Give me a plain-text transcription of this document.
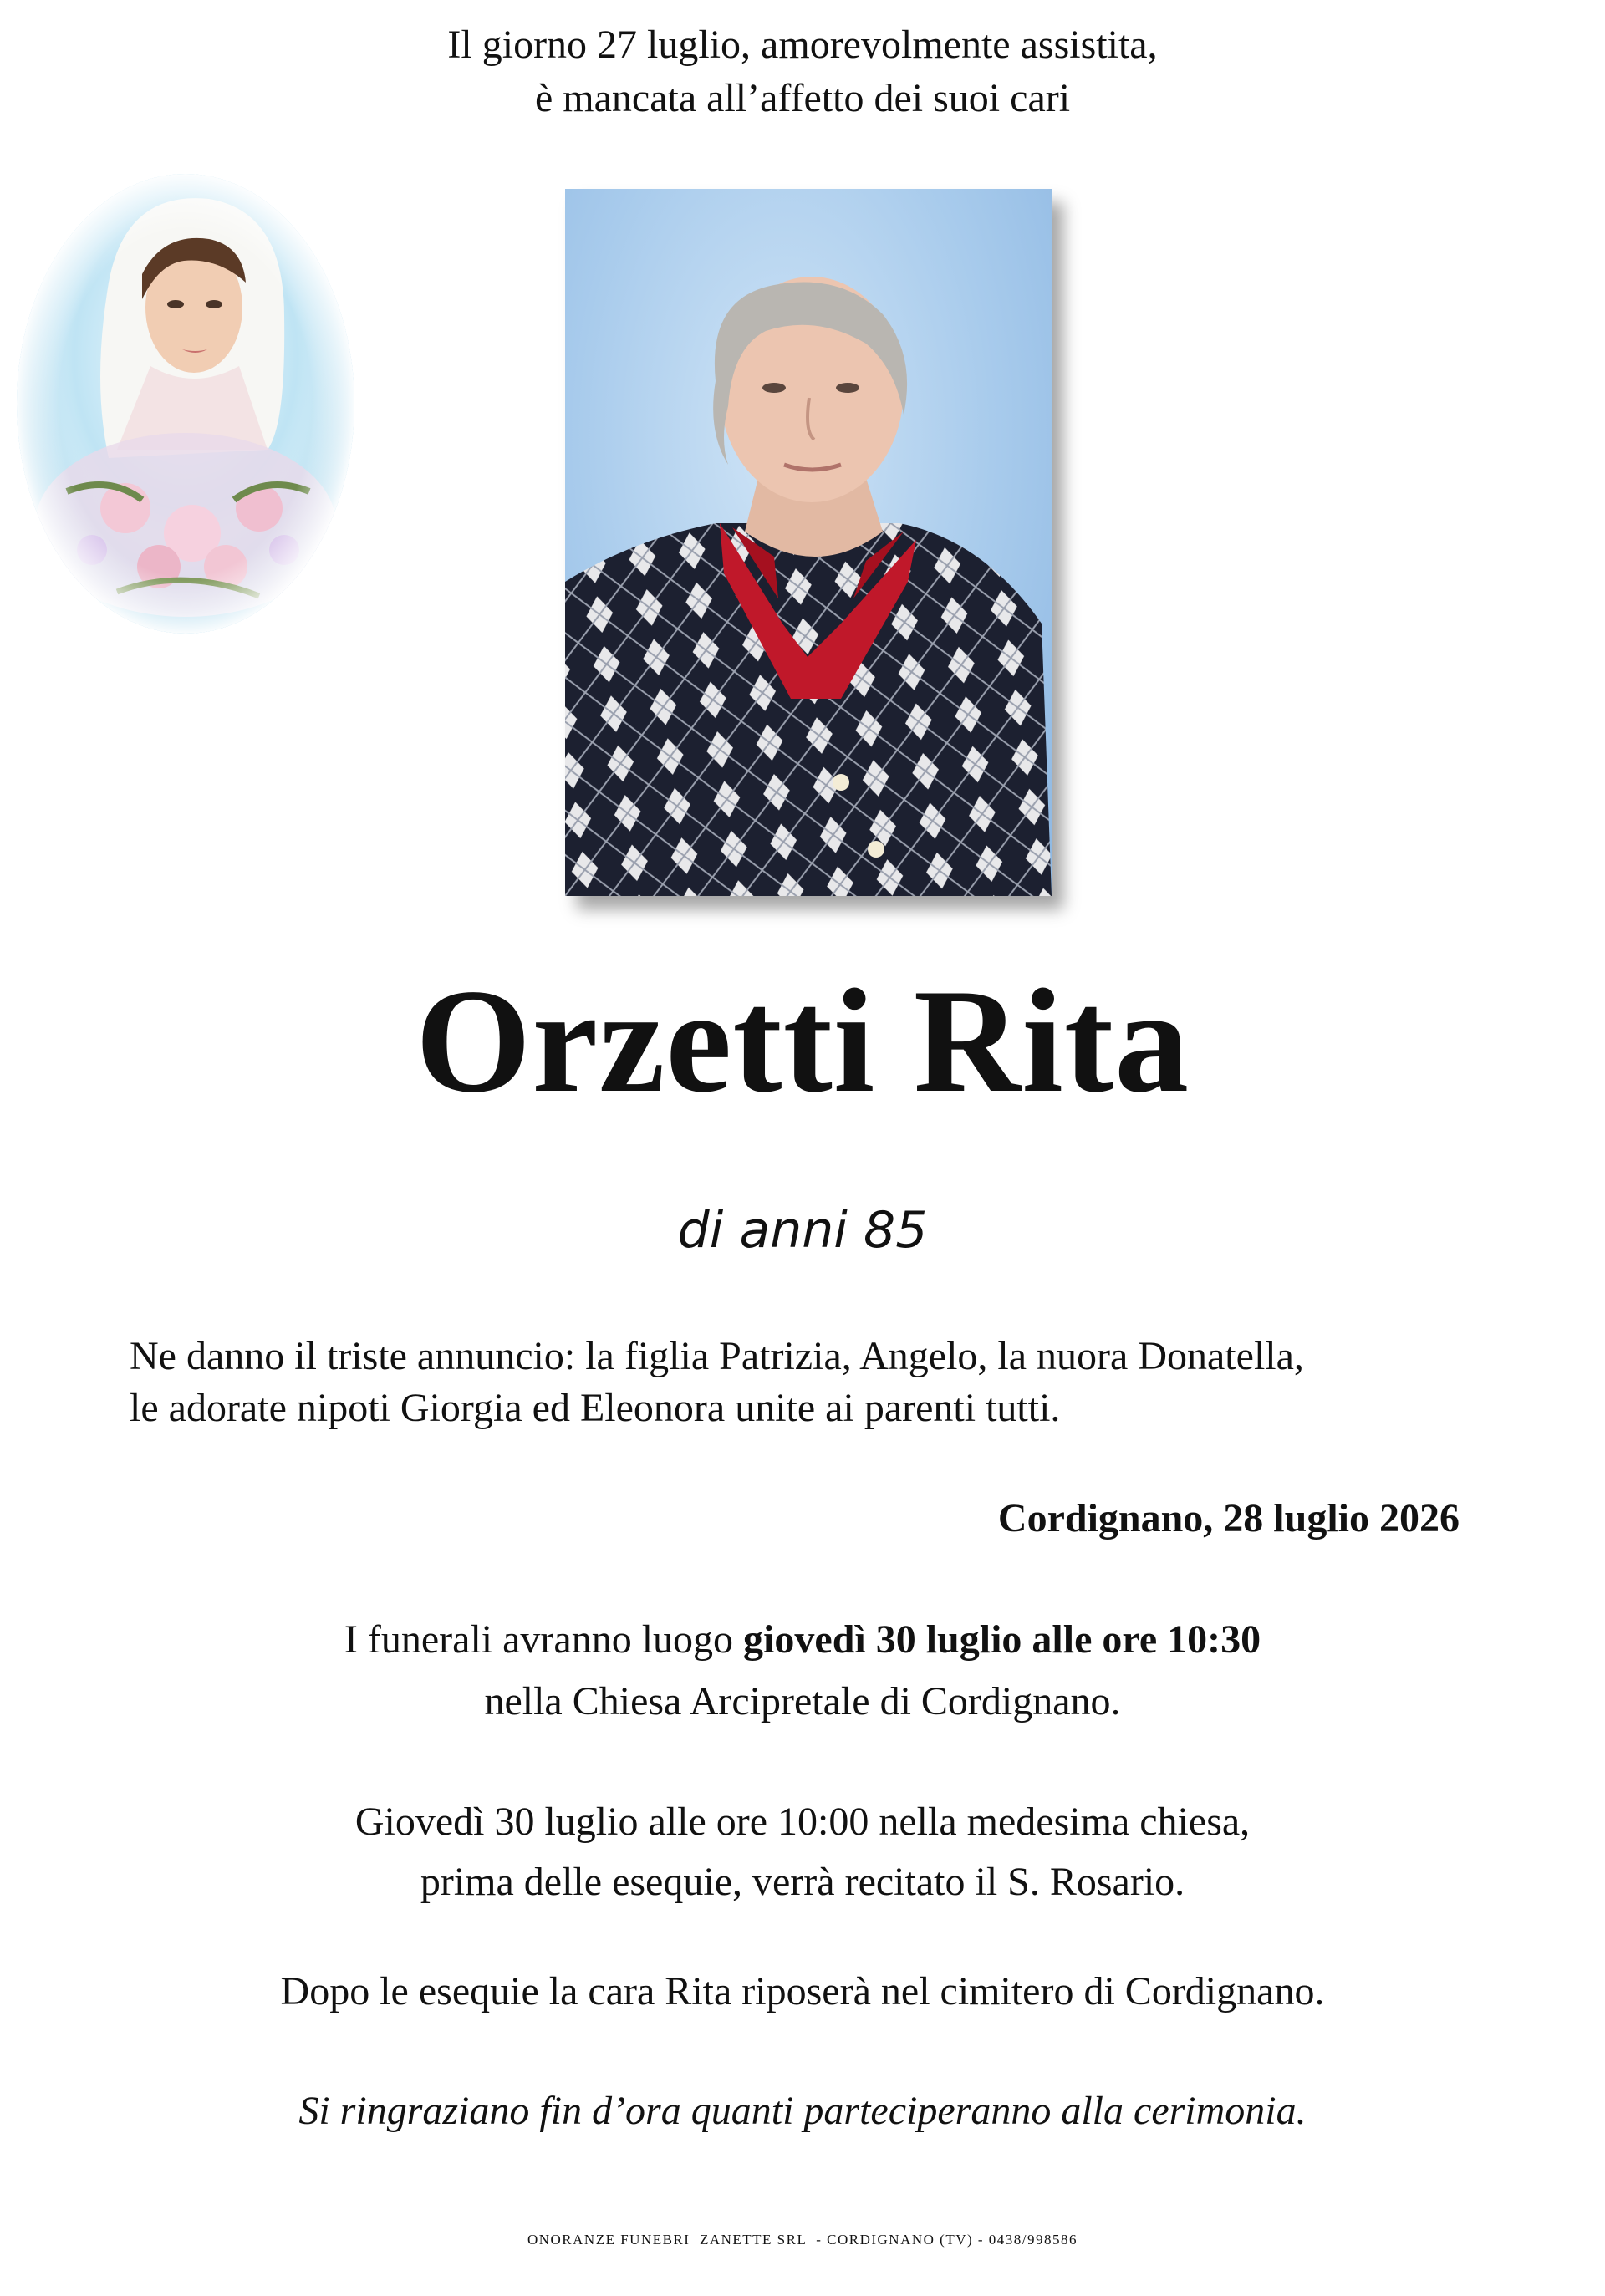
Il giorno 27 luglio, amorevolmente assistita,
è mancata all’affetto dei suoi cari
Orzetti Rita
di anni 85
Ne danno il triste annuncio: la figlia Patrizia, Angelo, la nuora Donatella,
le adorate nipoti Giorgia ed Eleonora unite ai parenti tutti.
Cordignano, 28 luglio 2026
I funerali avranno luogo giovedì 30 luglio alle ore 10:30
nella Chiesa Arcipretale di Cordignano.
Giovedì 30 luglio alle ore 10:00 nella medesima chiesa,
prima delle esequie, verrà recitato il S. Rosario.
Dopo le esequie la cara Rita riposerà nel cimitero di Cordignano.
Si ringraziano fin d’ora quanti parteciperanno alla cerimonia.
ONORANZE FUNEBRI  ZANETTE SRL  - CORDIGNANO (TV) - 0438/998586
